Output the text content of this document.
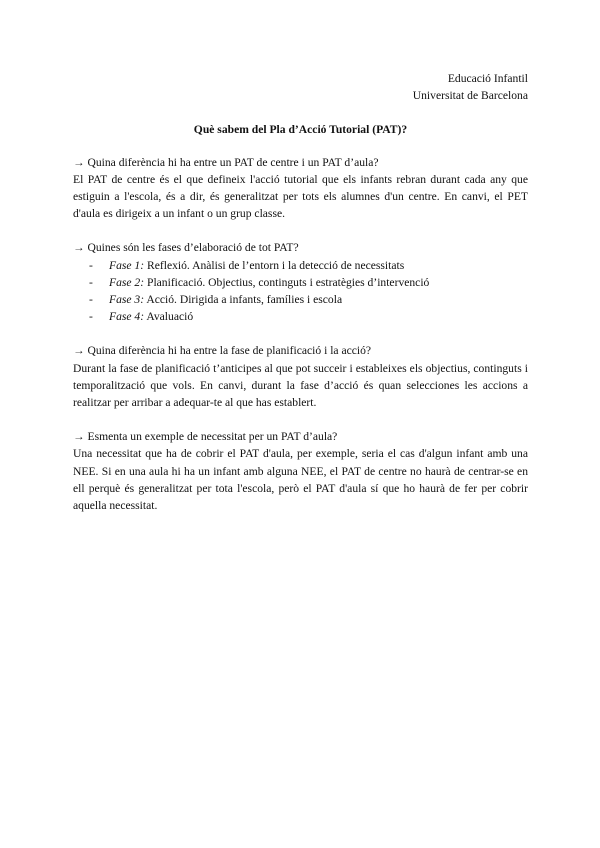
Educació Infantil
Universitat de Barcelona
Què sabem del Pla d’Acció Tutorial (PAT)?

→ Quina diferència hi ha entre un PAT de centre i un PAT d’aula?

El PAT de centre és el que defineix l'acció tutorial que els infants rebran durant cada any que estiguin a l'escola, és a dir, és generalitzat per tots els alumnes d'un centre. En canvi, el PET d'aula es dirigeix a un infant o un grup classe.

→ Quines són les fases d’elaboració de tot PAT?

- Fase 1: Reflexió. Anàlisi de l’entorn i la detecció de necessitats
- Fase 2: Planificació. Objectius, continguts i estratègies d’intervenció
- Fase 3: Acció. Dirigida a infants, famílies i escola
- Fase 4: Avaluació

→ Quina diferència hi ha entre la fase de planificació i la acció?

Durant la fase de planificació t’anticipes al que pot succeir i estableixes els objectius, continguts i temporalització que vols. En canvi, durant la fase d’acció és quan selecciones les accions a realitzar per arribar a adequar-te al que has establert.

→ Esmenta un exemple de necessitat per un PAT d’aula?

Una necessitat que ha de cobrir el PAT d'aula, per exemple, seria el cas d'algun infant amb una NEE. Si en una aula hi ha un infant amb alguna NEE, el PAT de centre no haurà de centrar-se en ell perquè és generalitzat per tota l'escola, però el PAT d'aula sí que ho haurà de fer per cobrir aquella necessitat.
